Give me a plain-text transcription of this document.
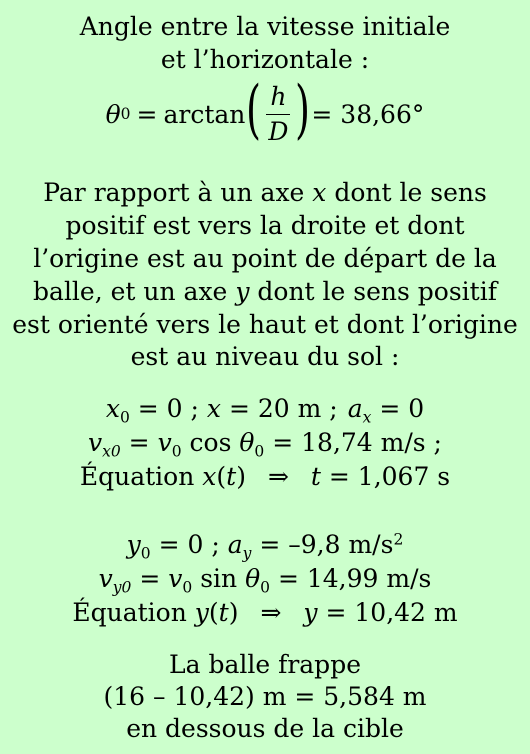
Angle entre la vitesse initiale
et l’horizontale :
θ 0 = arctan ( $\frac{h}{D}$ ) = 38,66°
Par rapport à un axe x dont le sens
positif est vers la droite et dont
l’origine est au point de départ de la
balle, et un axe y dont le sens positif
est orienté vers le haut et dont l’origine
est au niveau du sol :
$x_0 = 0$ ; x = 20 m ; $a_x = 0$
$v_{x0} = v_0$ $\cos \theta_0 = 18,74$ m/s ;
Équation x(t) ⇒ t = 1,067 s
$y_0 = 0$ ; $a_y = -9,8$ $m/s^2$
$v_{y0} = v_0$ $\sin \theta_0 = 14,99$ m/s
Équation y(t) ⇒ y = 10,42 m
La balle frappe
(16 – 10,42) m = 5,584 m
en dessous de la cible
